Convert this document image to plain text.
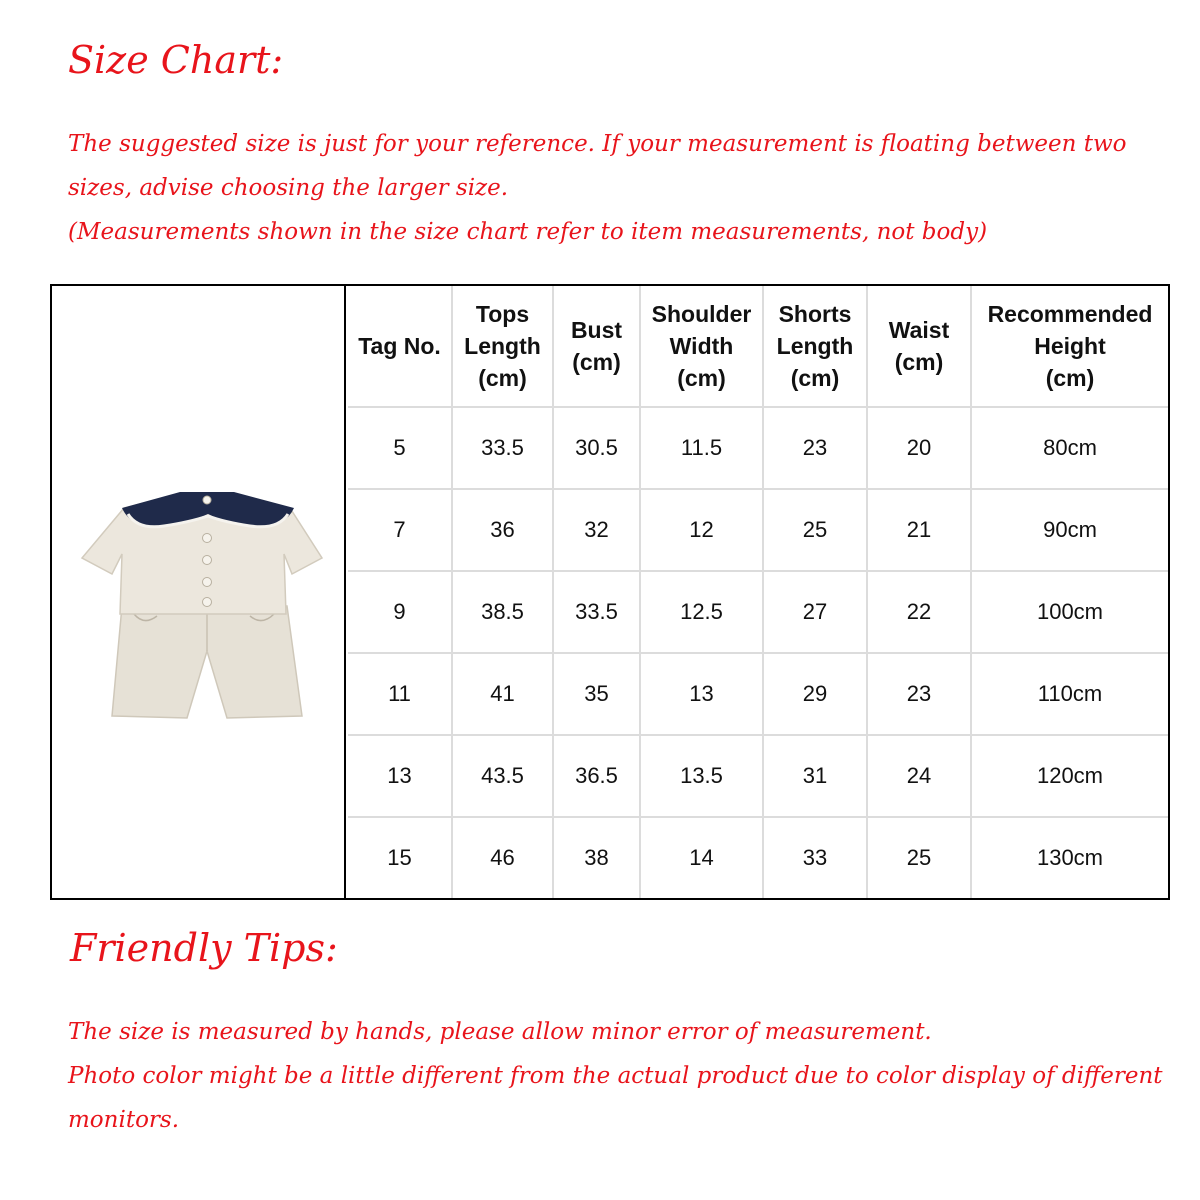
Size Chart:

The suggested size is just for your reference. If your measurement is floating between two sizes, advise choosing the larger size.

(Measurements shown in the size chart refer to item measurements, not body)

Tag No.	Tops
Length
(cm)	Bust
(cm)	Shoulder
Width
(cm)	Shorts
Length
(cm)	Waist
(cm)	Recommended
Height
(cm)

5	33.5	30.5	11.5	23	20	80cm
7	36	32	12	25	21	90cm
9	38.5	33.5	12.5	27	22	100cm
11	41	35	13	29	23	110cm
13	43.5	36.5	13.5	31	24	120cm
15	46	38	14	33	25	130cm
Friendly Tips:

The size is measured by hands, please allow minor error of measurement.

Photo color might be a little different from the actual product due to color display of different monitors.
